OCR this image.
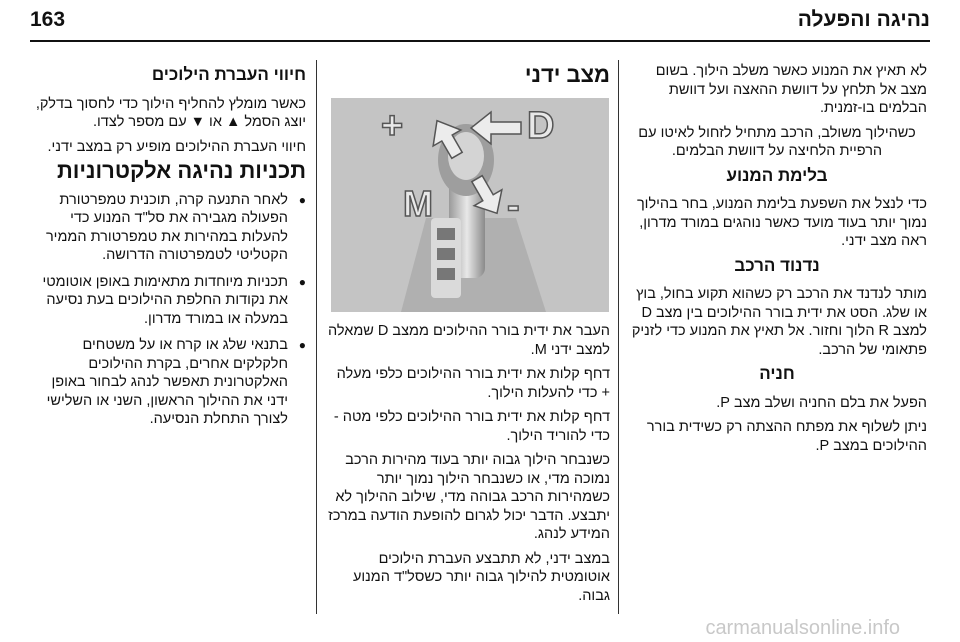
163	נהיגה והפעלה

לא תאיץ את המנוע כאשר משלב הילוך. בשום מצב אל תלחץ על דוושת ההאצה ועל דוושת הבלמים בו-זמנית.

כשהילוך משולב, הרכב מתחיל לזחול לאיטו עם הרפיית הלחיצה על דוושת הבלמים.

בלימת המנוע

כדי לנצל את השפעת בלימת המנוע, בחר בהילוך נמוך יותר בעוד מועד כאשר נוהגים במורד מדרון, ראה מצב ידני.

נדנוד הרכב

מותר לנדנד את הרכב רק כשהוא תקוע בחול, בוץ או שלג. הסט את ידית בורר ההילוכים בין מצב D למצב R הלוך וחזור. אל תאיץ את המנוע כדי לזניק פתאומי של הרכב.

חניה

הפעל את בלם החניה ושלב מצב P.

ניתן לשלוף את מפתח ההצתה רק כשידית בורר ההילוכים במצב P.

מצב ידני
D
M
+
-

העבר את ידית בורר ההילוכים ממצב D שמאלה למצב ידני M.

דחף קלות את ידית בורר ההילוכים כלפי מעלה + כדי להעלות הילוך.

דחף קלות את ידית בורר ההילוכים כלפי מטה - כדי להוריד הילוך.

כשנבחר הילוך גבוה יותר בעוד מהירות הרכב נמוכה מדי, או כשנבחר הילוך נמוך יותר כשמהירות הרכב גבוהה מדי, שילוב ההילוך לא יתבצע. הדבר יכול לגרום להופעת הודעה במרכז המידע לנהג.

במצב ידני, לא תתבצע העברת הילוכים אוטומטית להילוך גבוה יותר כשסל"ד המנוע גבוה.

חיווי העברת הילוכים

כאשר מומלץ להחליף הילוך כדי לחסוך בדלק, יוצג הסמל ▲ או ▼ עם מספר לצדו.

חיווי העברת ההילוכים מופיע רק במצב ידני.

תכניות נהיגה אלקטרוניות
● לאחר התנעה קרה, תוכנית טמפרטורת הפעולה מגבירה את סל"ד המנוע כדי להעלות במהירות את טמפרטורת הממיר הקטליטי לטמפרטורה הדרושה.
● תכניות מיוחדות מתאימות באופן אוטומטי את נקודות החלפת ההילוכים בעת נסיעה במעלה או במורד מדרון.
● בתנאי שלג או קרח או על משטחים חלקלקים אחרים, בקרת ההילוכים האלקטרונית תאפשר לנהג לבחור באופן ידני את ההילוך הראשון, השני או השלישי לצורך התחלת הנסיעה.
carmanualsonline.info
